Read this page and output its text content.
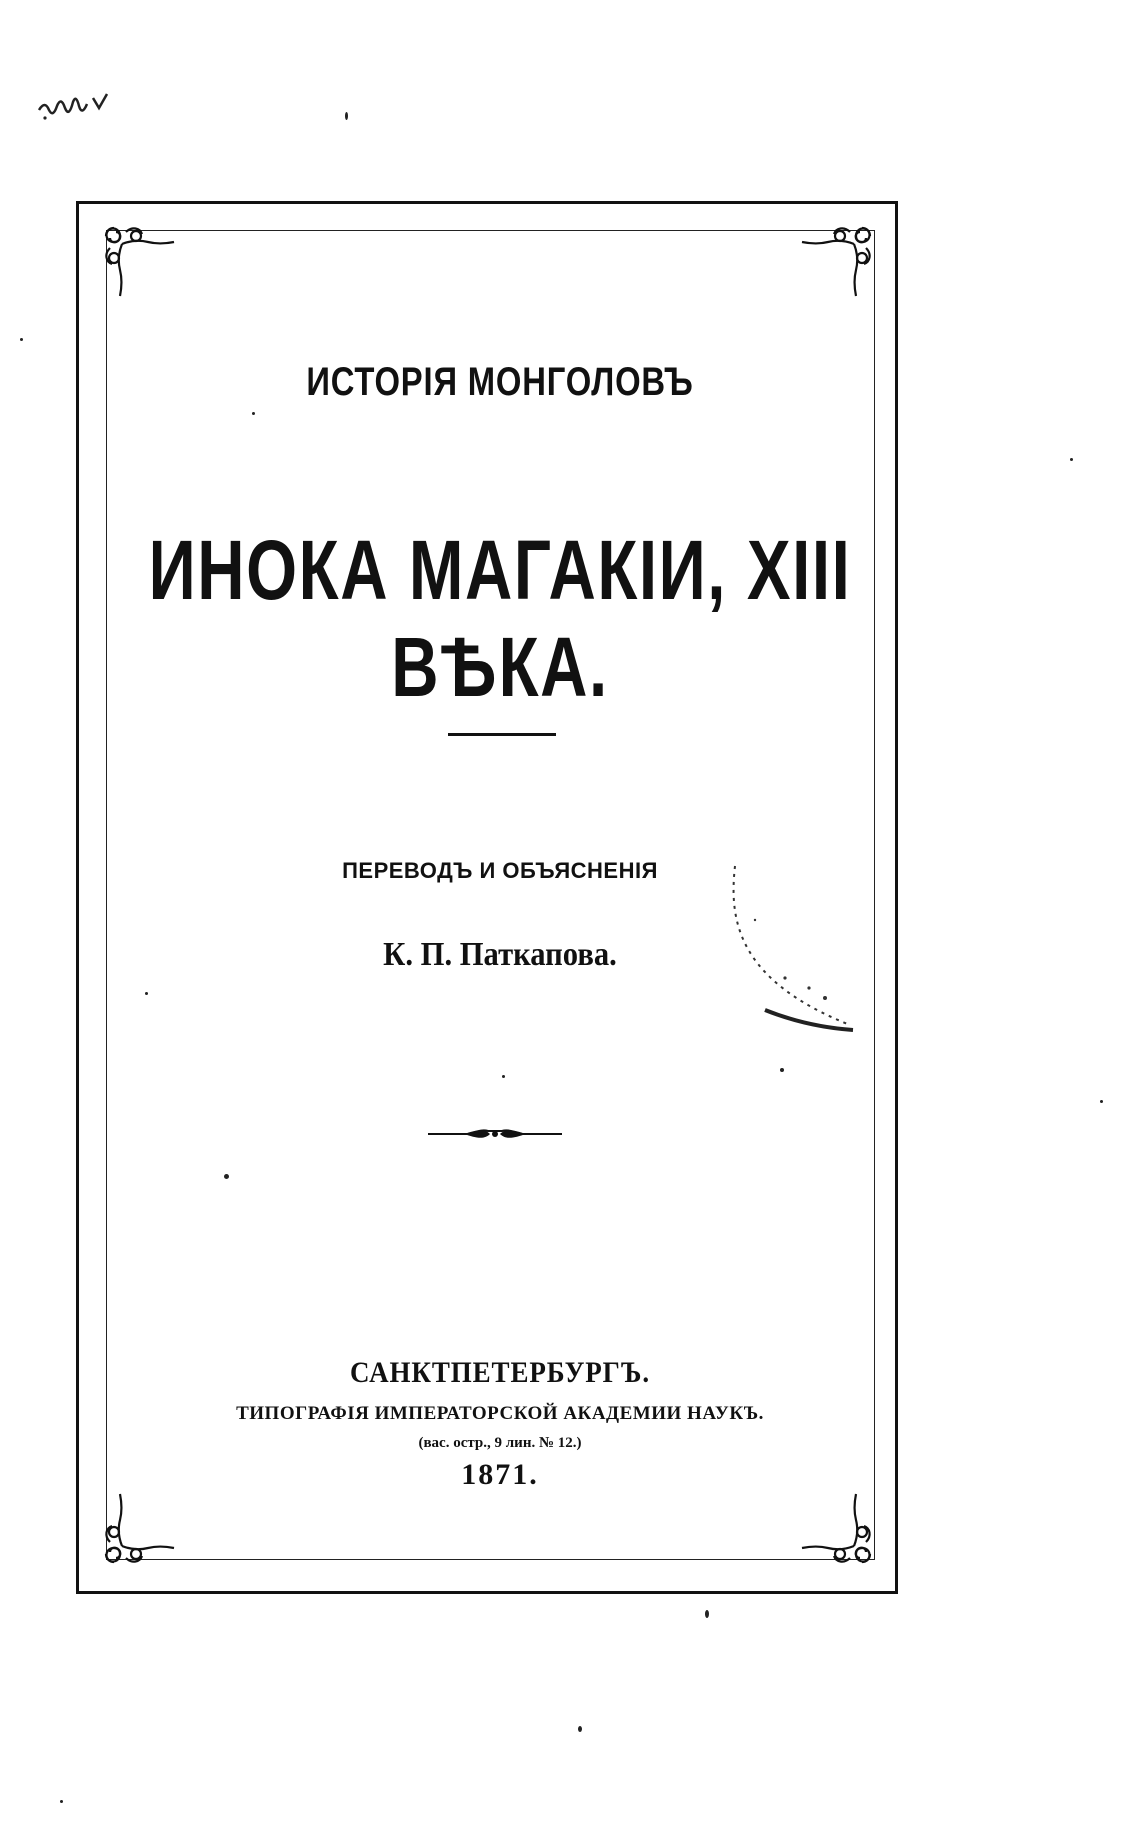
ИСТОРІЯ МОНГОЛОВЪ
ИНОКА МАГАКІИ, XIII ВѢКА.
ПЕРЕВОДЪ И ОБЪЯСНЕНІЯ
К. П. Паткапова.
САНКТПЕТЕРБУРГЪ.
ТИПОГРАФІЯ ИМПЕРАТОРСКОЙ АКАДЕМИИ НАУКЪ.
(вас. остр., 9 лин. № 12.)
1871.
